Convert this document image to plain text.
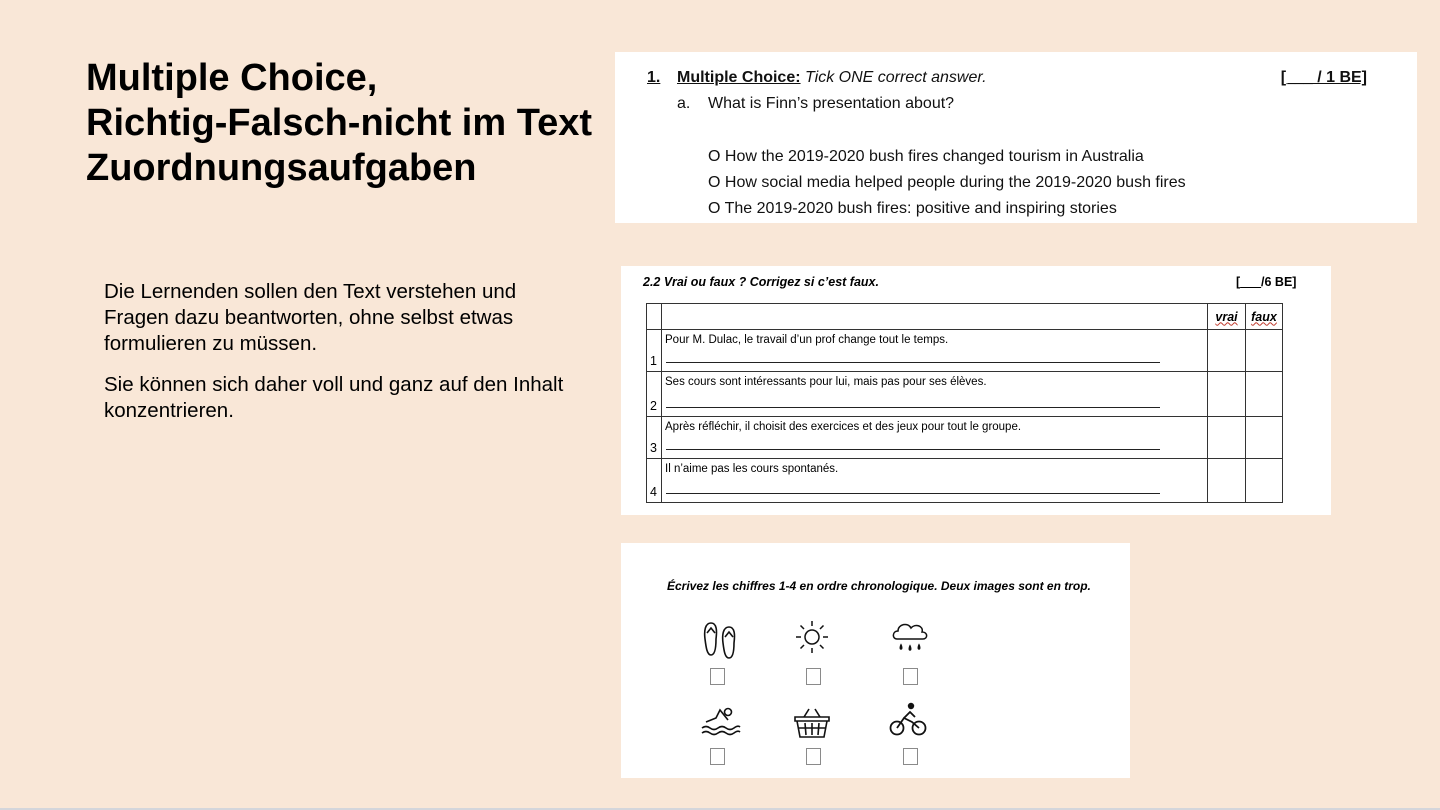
Multiple Choice,
Richtig-Falsch-nicht im Text
Zuordnungsaufgaben

Die Lernenden sollen den Text verstehen und Fragen dazu beantworten, ohne selbst etwas formulieren zu müssen.

Sie können sich daher voll und ganz auf den Inhalt konzentrieren.

1. Multiple Choice: Tick ONE correct answer.	[___ / 1 BE]
a. What is Finn’s presentation about?
O How the 2019-2020 bush fires changed tourism in Australia
O How social media helped people during the 2019-2020 bush fires
O The 2019-2020 bush fires: positive and inspiring stories
2.2 Vrai ou faux ? Corrigez si c’est faux.	[___/6 BE]
		vrai	faux
1	Pour M. Dulac, le travail d’un prof change tout le temps.

2	Ses cours sont intéressants pour lui, mais pas pour ses élèves.

3	Après réfléchir, il choisit des exercices et des jeux pour tout le groupe.

4	Il n’aime pas les cours spontanés.

Écrivez les chiffres 1-4 en ordre chronologique. Deux images sont en trop.
